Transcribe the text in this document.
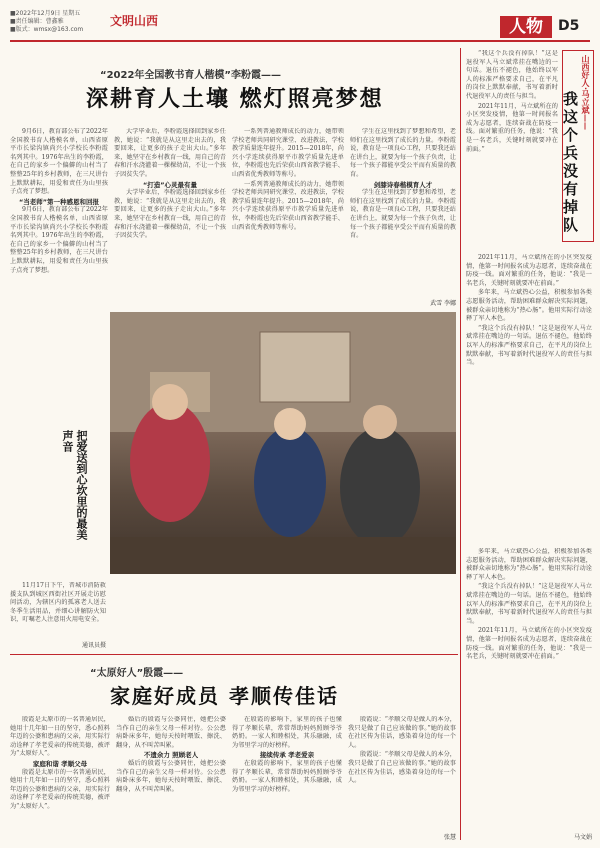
■2022年12月9日 星期五
■责任编辑：曹鑫雅
■版式：wmsx@163.com
文明山西	人物	D5
“2022年全国教书育人楷模”李粉霞——
深耕育人土壤 燃灯照亮梦想

9月6日，教育部公布了2022年全国教书育人楷模名单，山西省原平市长梁沟镇尚兴小学校长李粉霞名列其中。1976年出生的李粉霞，在自己的家乡一个偏僻的山村当了整整25年的乡村教师，在三尺讲台上默默耕耘，用爱和责任为山里孩子点亮了梦想。

“当老师”第一种感恩和回报

9月6日，教育部公布了2022年全国教书育人楷模名单，山西省原平市长梁沟镇尚兴小学校长李粉霞名列其中。1976年出生的李粉霞，在自己的家乡一个偏僻的山村当了整整25年的乡村教师，在三尺讲台上默默耕耘，用爱和责任为山里孩子点亮了梦想。

大学毕业后，李粉霞选择回到家乡任教，她说：“我就是从这里走出去的，我要回来，让更多的孩子走出大山。”多年来，她坚守在乡村教育一线，用自己的青春和汗水浇灌着一棵棵幼苗，不让一个孩子因贫失学。

“打造”心灵最有量

大学毕业后，李粉霞选择回到家乡任教，她说：“我就是从这里走出去的，我要回来，让更多的孩子走出大山。”多年来，她坚守在乡村教育一线，用自己的青春和汗水浇灌着一棵棵幼苗，不让一个孩子因贫失学。

一系列普通教师成长的动力，她带领学校老师共同研究课堂、改进教法，学校教学质量连年提升。2015—2018年，尚兴小学连续获得原平市教学质量先进单位，李粉霞也先后荣获山西省教学能手、山西省优秀教师等称号。

一系列普通教师成长的动力，她带领学校老师共同研究课堂、改进教法，学校教学质量连年提升。2015—2018年，尚兴小学连续获得原平市教学质量先进单位，李粉霞也先后荣获山西省教学能手、山西省优秀教师等称号。

学生在这里找到了梦想和希望，老师们在这里找到了成长的力量。李粉霞说，教育是一项良心工程，只要我还站在讲台上，就要为每一个孩子负责，让每一个孩子都能享受公平而有质量的教育。

剑膝诗春楷模育人才

学生在这里找到了梦想和希望，老师们在这里找到了成长的力量。李粉霞说，教育是一项良心工程，只要我还站在讲台上，就要为每一个孩子负责，让每一个孩子都能享受公平而有质量的教育。

武雪 李娜
把爱送到心坎里的最美声音

11月17日下午，晋城市消防救援支队到城区西街社区开展走访慰问活动，为辖区内的孤寡老人送去冬季生活用品，并细心讲解防火知识，叮嘱老人注意用火用电安全。

通讯员摄
“太原好人”殷霞——
家庭好成员 孝顺传佳话

殷霞是太原市的一名普通居民，她用十几年如一日的坚守，悉心照料年迈的公婆和患病的父亲，用实际行动诠释了孝老爱亲的传统美德，被评为“太原好人”。

家庭和谐 孝顺父母

殷霞是太原市的一名普通居民，她用十几年如一日的坚守，悉心照料年迈的公婆和患病的父亲，用实际行动诠释了孝老爱亲的传统美德，被评为“太原好人”。

婚后的殷霞与公婆同住，她把公婆当作自己的亲生父母一样对待。公公患病卧床多年，她每天按时喂饭、擦洗、翻身，从不叫苦叫累。

不遗余力 照顾老人

婚后的殷霞与公婆同住，她把公婆当作自己的亲生父母一样对待。公公患病卧床多年，她每天按时喂饭、擦洗、翻身，从不叫苦叫累。

在殷霞的影响下，家里的孩子也懂得了孝顺长辈，常常帮助妈妈照顾爷爷奶奶。一家人和睦相处，其乐融融，成为邻里学习的好榜样。

接续传承 孝老爱亲

在殷霞的影响下，家里的孩子也懂得了孝顺长辈，常常帮助妈妈照顾爷爷奶奶。一家人和睦相处，其乐融融，成为邻里学习的好榜样。

殷霞说：“孝顺父母是做人的本分，我只是做了自己应该做的事。”她的故事在社区传为佳话，感染着身边的每一个人。

殷霞说：“孝顺父母是做人的本分，我只是做了自己应该做的事。”她的故事在社区传为佳话，感染着身边的每一个人。

张慧
山西好人·马立斌——
我这个兵没有掉队

“我这个兵没有掉队！”这是退役军人马立斌常挂在嘴边的一句话。退伍不褪色，他始终以军人的标准严格要求自己，在平凡的岗位上默默奉献，书写着新时代退役军人的责任与担当。

2021年11月，马立斌所在的小区突发疫情，他第一时间报名成为志愿者，连续奋战在防疫一线。面对繁重的任务，他说：“我是一名老兵，关键时刻就要冲在前面。”

2021年11月，马立斌所在的小区突发疫情，他第一时间报名成为志愿者，连续奋战在防疫一线。面对繁重的任务，他说：“我是一名老兵，关键时刻就要冲在前面。”

多年来，马立斌热心公益，积极参加各类志愿服务活动，帮助困难群众解决实际问题，被群众亲切地称为“热心肠”。他用实际行动诠释了军人本色。

“我这个兵没有掉队！”这是退役军人马立斌常挂在嘴边的一句话。退伍不褪色，他始终以军人的标准严格要求自己，在平凡的岗位上默默奉献，书写着新时代退役军人的责任与担当。

多年来，马立斌热心公益，积极参加各类志愿服务活动，帮助困难群众解决实际问题，被群众亲切地称为“热心肠”。他用实际行动诠释了军人本色。

“我这个兵没有掉队！”这是退役军人马立斌常挂在嘴边的一句话。退伍不褪色，他始终以军人的标准严格要求自己，在平凡的岗位上默默奉献，书写着新时代退役军人的责任与担当。

2021年11月，马立斌所在的小区突发疫情，他第一时间报名成为志愿者，连续奋战在防疫一线。面对繁重的任务，他说：“我是一名老兵，关键时刻就要冲在前面。”

马文娟
